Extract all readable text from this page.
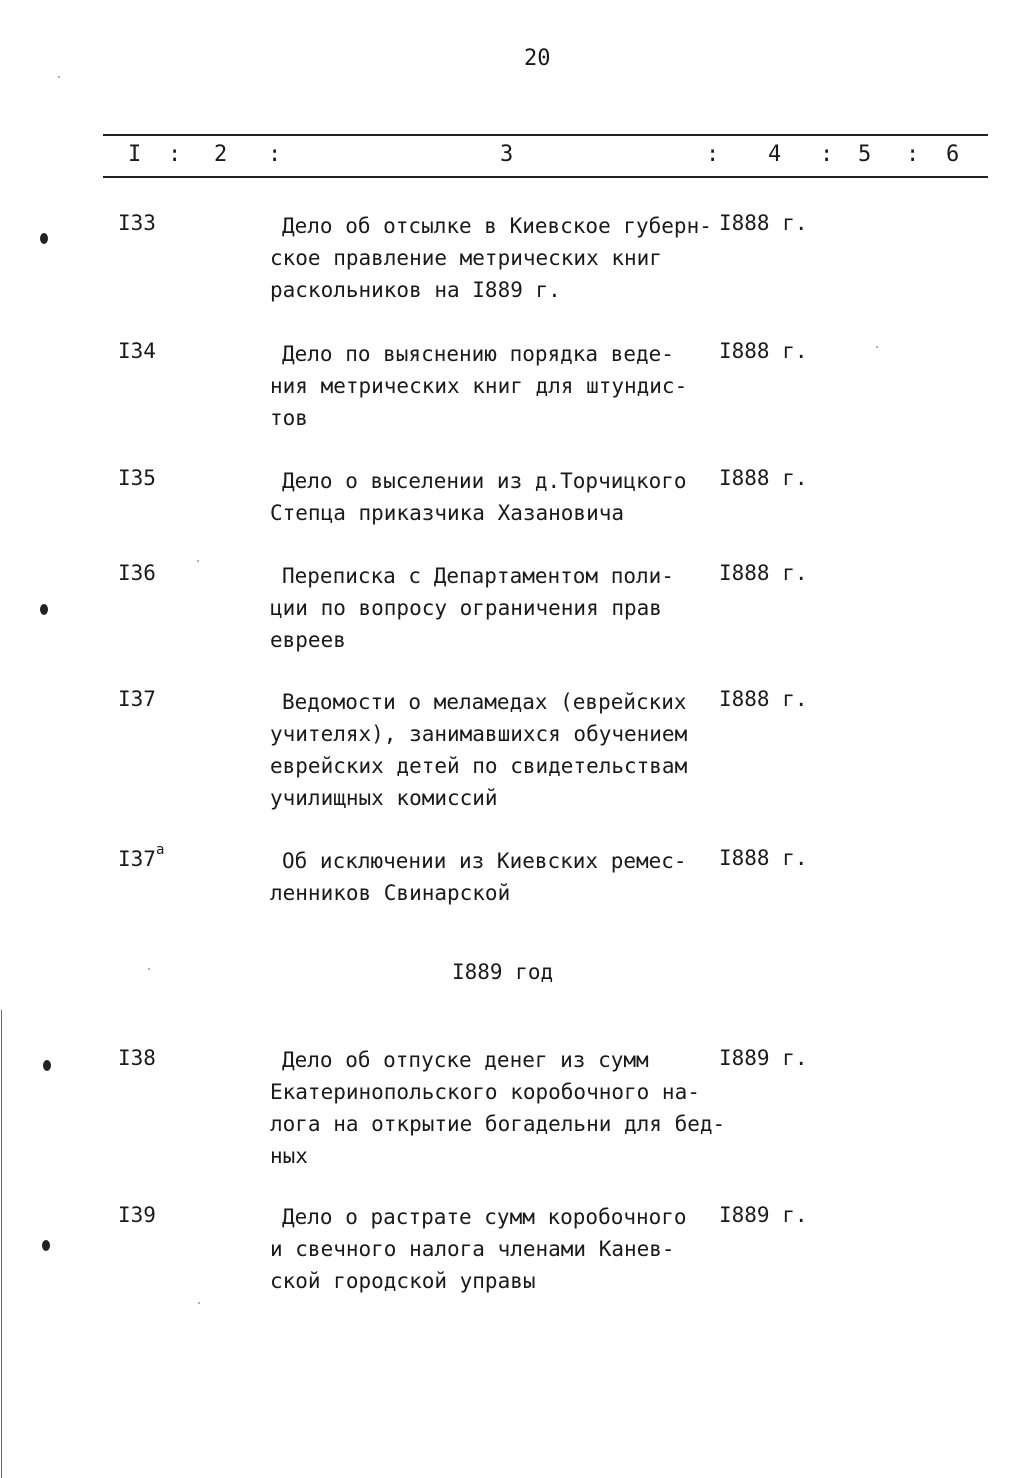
20
I : 2 :	3	: 4 : 5 : 6
I33	Дело об отсылке в Киевское губерн-
ское правление метрических книг
раскольников на I889 г.
I888 г.
I34	Дело по выяснению порядка веде-
ния метрических книг для штундис-
тов
I888 г.
I35	Дело о выселении из д.Торчицкого
Степца приказчика Хазановича
I888 г.
I36	Переписка с Департаментом поли-
ции по вопросу ограничения прав
евреев
I888 г.
I37	Ведомости о меламедах (еврейских
учителях), занимавшихся обучением
еврейских детей по свидетельствам
училищных комиссий
I888 г.
$I37^а$	Об исключении из Киевских ремес-
ленников Свинарской
I888 г.
I889 год
I38	Дело об отпуске денег из сумм
Екатеринопольского коробочного на-
лога на открытие богадельни для бед-
ных
I889 г.
I39	Дело о растрате сумм коробочного
и свечного налога членами Канев-
ской городской управы
I889 г.
